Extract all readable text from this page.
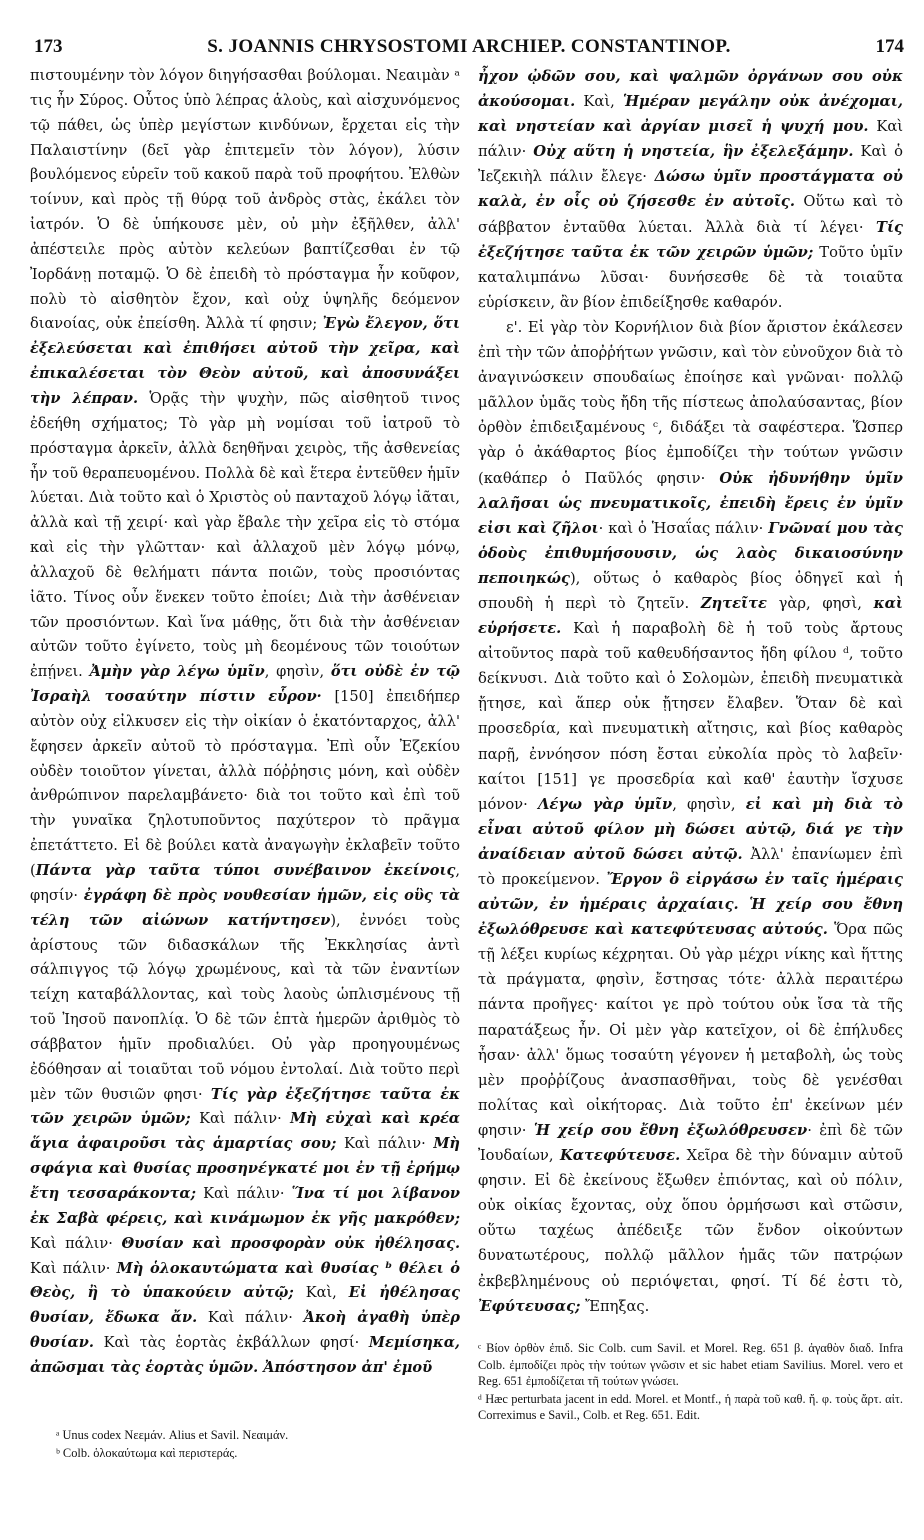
173	S. JOANNIS CHRYSOSTOMI ARCHIEP. CONSTANTINOP.	174

πιστουμένην τὸν λόγον διηγήσασθαι βούλομαι. Νεαιμὰν ᵃ τις ἦν Σύρος. Οὗτος ὑπὸ λέπρας ἁλοὺς, καὶ αἰσχυνόμενος τῷ πάθει, ὡς ὑπὲρ μεγίστων κινδύνων, ἔρχεται εἰς τὴν Παλαιστίνην (δεῖ γὰρ ἐπιτεμεῖν τὸν λόγον), λύσιν βουλόμενος εὑρεῖν τοῦ κακοῦ παρὰ τοῦ προφήτου. Ἐλθὼν τοίνυν, καὶ πρὸς τῇ θύρᾳ τοῦ ἀνδρὸς στὰς, ἐκάλει τὸν ἰατρόν. Ὁ δὲ ὑπήκουσε μὲν, οὐ μὴν ἐξῆλθεν, ἀλλ' ἀπέστειλε πρὸς αὐτὸν κελεύων βαπτίζεσθαι ἐν τῷ Ἰορδάνῃ ποταμῷ. Ὁ δὲ ἐπειδὴ τὸ πρόσταγμα ἦν κοῦφον, πολὺ τὸ αἰσθητὸν ἔχον, καὶ οὐχ ὑψηλῆς δεόμενον διανοίας, οὐκ ἐπείσθη. Ἀλλὰ τί φησιν; Ἐγὼ ἔλεγον, ὅτι ἐξελεύσεται καὶ ἐπιθήσει αὐτοῦ τὴν χεῖρα, καὶ ἐπικαλέσεται τὸν Θεὸν αὐτοῦ, καὶ ἀποσυνάξει τὴν λέπραν. Ὁρᾷς τὴν ψυχὴν, πῶς αἰσθητοῦ τινος ἐδεήθη σχήματος; Τὸ γὰρ μὴ νομίσαι τοῦ ἰατροῦ τὸ πρόσταγμα ἀρκεῖν, ἀλλὰ δεηθῆναι χειρὸς, τῆς ἀσθενείας ἦν τοῦ θεραπευομένου. Πολλὰ δὲ καὶ ἕτερα ἐντεῦθεν ἡμῖν λύεται. Διὰ τοῦτο καὶ ὁ Χριστὸς οὐ πανταχοῦ λόγῳ ἰᾶται, ἀλλὰ καὶ τῇ χειρί· καὶ γὰρ ἔβαλε τὴν χεῖρα εἰς τὸ στόμα καὶ εἰς τὴν γλῶτταν· καὶ ἀλλαχοῦ μὲν λόγῳ μόνῳ, ἀλλαχοῦ δὲ θελήματι πάντα ποιῶν, τοὺς προσιόντας ἰᾶτο. Τίνος οὖν ἕνεκεν τοῦτο ἐποίει; Διὰ τὴν ἀσθένειαν τῶν προσιόντων. Καὶ ἵνα μάθῃς, ὅτι διὰ τὴν ἀσθένειαν αὐτῶν τοῦτο ἐγίνετο, τοὺς μὴ δεομένους τῶν τοιούτων ἐπῄνει. Ἀμὴν γὰρ λέγω ὑμῖν, φησὶν, ὅτι οὐδὲ ἐν τῷ Ἰσραὴλ τοσαύτην πίστιν εὗρον· [150] ἐπειδήπερ αὐτὸν οὐχ εἰλκυσεν εἰς τὴν οἰκίαν ὁ ἑκατόνταρχος, ἀλλ' ἔφησεν ἀρκεῖν αὐτοῦ τὸ πρόσταγμα. Ἐπὶ οὖν Ἐζεκίου οὐδὲν τοιοῦτον γίνεται, ἀλλὰ πόῤῥησις μόνη, καὶ οὐδὲν ἀνθρώπινον παρελαμβάνετο· διὰ τοι τοῦτο καὶ ἐπὶ τοῦ τὴν γυναῖκα ζηλοτυποῦντος παχύτερον τὸ πρᾶγμα ἐπετάττετο. Εἰ δὲ βούλει κατὰ ἀναγωγὴν ἐκλαβεῖν τοῦτο (Πάντα γὰρ ταῦτα τύποι συνέβαινον ἐκείνοις, φησίν· ἐγράφη δὲ πρὸς νουθεσίαν ἡμῶν, εἰς οὓς τὰ τέλη τῶν αἰώνων κατήντησεν), ἐννόει τοὺς ἀρίστους τῶν διδασκάλων τῆς Ἐκκλησίας ἀντὶ σάλπιγγος τῷ λόγῳ χρωμένους, καὶ τὰ τῶν ἐναντίων τείχη καταβάλλοντας, καὶ τοὺς λαοὺς ὡπλισμένους τῇ τοῦ Ἰησοῦ πανοπλίᾳ. Ὁ δὲ τῶν ἑπτὰ ἡμερῶν ἀριθμὸς τὸ σάββατον ἡμῖν προδιαλύει. Οὐ γὰρ προηγουμένως ἐδόθησαν αἱ τοιαῦται τοῦ νόμου ἐντολαί. Διὰ τοῦτο περὶ μὲν τῶν θυσιῶν φησι· Τίς γὰρ ἐξεζήτησε ταῦτα ἐκ τῶν χειρῶν ὑμῶν; Καὶ πάλιν· Μὴ εὐχαὶ καὶ κρέα ἅγια ἀφαιροῦσι τὰς ἁμαρτίας σου; Καὶ πάλιν· Μὴ σφάγια καὶ θυσίας προσηνέγκατέ μοι ἐν τῇ ἐρήμῳ ἔτη τεσσαράκοντα; Καὶ πάλιν· Ἵνα τί μοι λίβανον ἐκ Σαβὰ φέρεις, καὶ κινάμωμον ἐκ γῆς μακρόθεν; Καὶ πάλιν· Θυσίαν καὶ προσφορὰν οὐκ ἠθέλησας. Καὶ πάλιν· Μὴ ὁλοκαυτώματα καὶ θυσίας ᵇ θέλει ὁ Θεὸς, ἢ τὸ ὑπακούειν αὐτῷ; Καὶ, Εἰ ἠθέλησας θυσίαν, ἔδωκα ἄν. Καὶ πάλιν· Ἀκοὴ ἀγαθὴ ὑπὲρ θυσίαν. Καὶ τὰς ἑορτὰς ἐκβάλλων φησί· Μεμίσηκα, ἀπῶσμαι τὰς ἑορτὰς ὑμῶν. Ἀπόστησον ἀπ' ἐμοῦ

ἦχον ᾠδῶν σου, καὶ ψαλμῶν ὀργάνων σου οὐκ ἀκούσομαι. Καὶ, Ἡμέραν μεγάλην οὐκ ἀνέχομαι, καὶ νηστείαν καὶ ἀργίαν μισεῖ ἡ ψυχή μου. Καὶ πάλιν· Οὐχ αὕτη ἡ νηστεία, ἣν ἐξελεξάμην. Καὶ ὁ Ἰεζεκιὴλ πάλιν ἔλεγε· Δώσω ὑμῖν προστάγματα οὐ καλὰ, ἐν οἷς οὐ ζήσεσθε ἐν αὐτοῖς. Οὕτω καὶ τὸ σάββατον ἐνταῦθα λύεται. Ἀλλὰ διὰ τί λέγει· Τίς ἐξεζήτησε ταῦτα ἐκ τῶν χειρῶν ὑμῶν; Τοῦτο ὑμῖν καταλιμπάνω λῦσαι· δυνήσεσθε δὲ τὰ τοιαῦτα εὑρίσκειν, ἂν βίον ἐπιδείξησθε καθαρόν.

ε'. Εἰ γὰρ τὸν Κορνήλιον διὰ βίον ἄριστον ἐκάλεσεν ἐπὶ τὴν τῶν ἀποῤῥήτων γνῶσιν, καὶ τὸν εὐνοῦχον διὰ τὸ ἀναγινώσκειν σπουδαίως ἐποίησε καὶ γνῶναι· πολλῷ μᾶλλον ὑμᾶς τοὺς ἤδη τῆς πίστεως ἀπολαύσαντας, βίον ὀρθὸν ἐπιδειξαμένους ᶜ, διδάξει τὰ σαφέστερα. Ὥσπερ γὰρ ὁ ἀκάθαρτος βίος ἐμποδίζει τὴν τούτων γνῶσιν (καθάπερ ὁ Παῦλός φησιν· Οὐκ ἠδυνήθην ὑμῖν λαλῆσαι ὡς πνευματικοῖς, ἐπειδὴ ἔρεις ἐν ὑμῖν εἰσι καὶ ζῆλοι· καὶ ὁ Ἡσαΐας πάλιν· Γνῶναί μου τὰς ὁδοὺς ἐπιθυμήσουσιν, ὡς λαὸς δικαιοσύνην πεποιηκώς), οὕτως ὁ καθαρὸς βίος ὁδηγεῖ καὶ ἡ σπουδὴ ἡ περὶ τὸ ζητεῖν. Ζητεῖτε γὰρ, φησὶ, καὶ εὑρήσετε. Καὶ ἡ παραβολὴ δὲ ἡ τοῦ τοὺς ἄρτους αἰτοῦντος παρὰ τοῦ καθευδήσαντος ἤδη φίλου ᵈ, τοῦτο δείκνυσι. Διὰ τοῦτο καὶ ὁ Σολομὼν, ἐπειδὴ πνευματικὰ ᾔτησε, καὶ ἅπερ οὐκ ᾔτησεν ἔλαβεν. Ὅταν δὲ καὶ προσεδρία, καὶ πνευματικὴ αἴτησις, καὶ βίος καθαρὸς παρῇ, ἐννόησον πόση ἔσται εὐκολία πρὸς τὸ λαβεῖν· καίτοι [151] γε προσεδρία καὶ καθ' ἑαυτὴν ἴσχυσε μόνον· Λέγω γὰρ ὑμῖν, φησὶν, εἰ καὶ μὴ διὰ τὸ εἶναι αὐτοῦ φίλον μὴ δώσει αὐτῷ, διά γε τὴν ἀναίδειαν αὐτοῦ δώσει αὐτῷ. Ἀλλ' ἐπανίωμεν ἐπὶ τὸ προκείμενον. Ἔργον ὃ εἰργάσω ἐν ταῖς ἡμέραις αὐτῶν, ἐν ἡμέραις ἀρχαίαις. Ἡ χείρ σου ἔθνη ἐξωλόθρευσε καὶ κατεφύτευσας αὐτούς. Ὅρα πῶς τῇ λέξει κυρίως κέχρηται. Οὐ γὰρ μέχρι νίκης καὶ ἥττης τὰ πράγματα, φησὶν, ἔστησας τότε· ἀλλὰ περαιτέρω πάντα προῆγες· καίτοι γε πρὸ τούτου οὐκ ἴσα τὰ τῆς παρατάξεως ἦν. Οἱ μὲν γὰρ κατεῖχον, οἱ δὲ ἐπήλυδες ἦσαν· ἀλλ' ὅμως τοσαύτη γέγονεν ἡ μεταβολὴ, ὡς τοὺς μὲν προῤῥίζους ἀνασπασθῆναι, τοὺς δὲ γενέσθαι πολίτας καὶ οἰκήτορας. Διὰ τοῦτο ἐπ' ἐκείνων μέν φησιν· Ἡ χείρ σου ἔθνη ἐξωλόθρευσεν· ἐπὶ δὲ τῶν Ἰουδαίων, Κατεφύτευσε. Χεῖρα δὲ τὴν δύναμιν αὐτοῦ φησιν. Εἰ δὲ ἐκείνους ἔξωθεν ἐπιόντας, καὶ οὐ πόλιν, οὐκ οἰκίας ἔχοντας, οὐχ ὅπου ὁρμήσωσι καὶ στῶσιν, οὕτω ταχέως ἀπέδειξε τῶν ἔνδον οἰκούντων δυνατωτέρους, πολλῷ μᾶλλον ἡμᾶς τῶν πατρῴων ἐκβεβλημένους οὐ περιόψεται, φησί. Τί δέ ἐστι τὸ, Ἐφύτευσας; Ἔπηξας.

ᵃ Unus codex Νεεμάν. Alius et Savil. Νεαιμάν.

ᵇ Colb. ὁλοκαύτωμα καὶ περιστεράς.

ᶜ Βίον ὀρθὸν ἐπιδ. Sic Colb. cum Savil. et Morel. Reg. 651 β. ἀγαθὸν διαδ. Infra Colb. ἐμποδίζει πρὸς τὴν τούτων γνῶσιν et sic habet etiam Savilius. Morel. vero et Reg. 651 ἐμποδίζεται τῆ τούτων γνώσει.

ᵈ Hæc perturbata jacent in edd. Morel. et Montf., ἡ παρὰ τοῦ καθ. ἤ. φ. τοὺς ἄρτ. αἰτ. Correximus e Savil., Colb. et Reg. 651. Edit.
